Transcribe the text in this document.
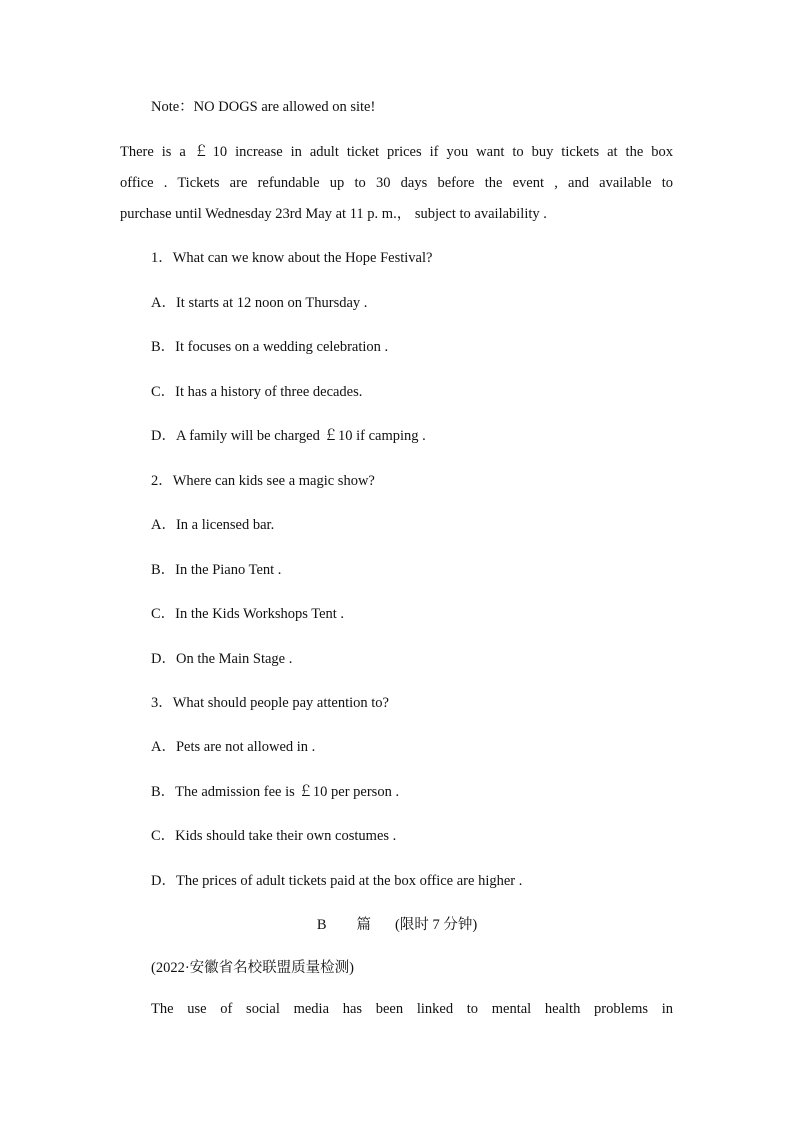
Note：NO DOGS are allowed on site!
There is a ￡10 increase in adult ticket prices if you want to buy tickets at the box
office . Tickets are refundable up to 30 days before the event , and available to
purchase until Wednesday 23rd May at 11 p. m.， subject to availability .
1．What can we know about the Hope Festival?
A．It starts at 12 noon on Thursday .
B．It focuses on a wedding celebration .
C．It has a history of three decades.
D．A family will be charged ￡10 if camping .
2．Where can kids see a magic show?
A．In a licensed bar.
B．In the Piano Tent .
C．In the Kids Workshops Tent .
D．On the Main Stage .
3．What should people pay attention to?
A．Pets are not allowed in .
B．The admission fee is ￡10 per person .
C．Kids should take their own costumes .
D．The prices of adult tickets paid at the box office are higher .
B 篇 (限时 7 分钟)
(2022·安徽省名校联盟质量检测)
The use of social media has been linked to mental health problems in
